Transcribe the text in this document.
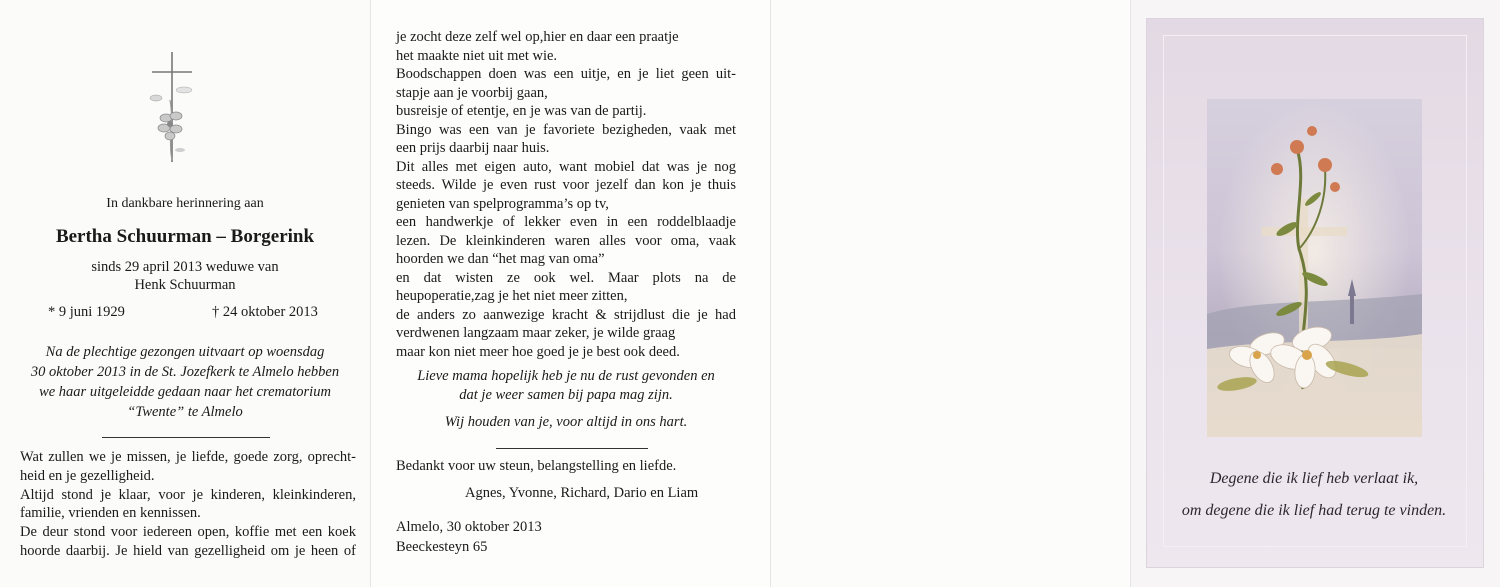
In dankbare herinnering aan
Bertha Schuurman – Borgerink
sinds 29 april 2013 weduwe van
Henk Schuurman
* 9 juni 1929	† 24 oktober 2013
Na de plechtige gezongen uitvaart op woensdag
30 oktober 2013 in de St. Jozefkerk te Almelo hebben
we haar uitgeleidde gedaan naar het crematorium
“Twente” te Almelo
Wat zullen we je missen, je liefde, goede zorg, oprecht-
heid en je gezelligheid.
Altijd stond je klaar, voor je kinderen, kleinkinderen,
familie, vrienden en kennissen.
De deur stond voor iedereen open, koffie met een koek
hoorde daarbij. Je hield van gezelligheid om je heen of
je zocht deze zelf wel op,hier en daar een praatje
het maakte niet uit met wie.
Boodschappen doen was een uitje, en je liet geen uit-
stapje aan je voorbij gaan,
busreisje of etentje, en je was van de partij.
Bingo was een van je favoriete bezigheden, vaak met
een prijs daarbij naar huis.
Dit alles met eigen auto, want mobiel dat was je nog
steeds. Wilde je even rust voor jezelf dan kon je thuis
genieten van spelprogramma’s op tv,
een handwerkje of lekker even in een roddelblaadje
lezen. De kleinkinderen waren alles voor oma, vaak
hoorden we dan “het mag van oma”
en dat wisten ze ook wel. Maar plots na de
heupoperatie,zag je het niet meer zitten,
de anders zo aanwezige kracht & strijdlust die je had
verdwenen langzaam maar zeker, je wilde graag
maar kon niet meer hoe goed je je best ook deed.
Lieve mama hopelijk heb je nu de rust gevonden en
dat je weer samen bij papa mag zijn.
Wij houden van je, voor altijd in ons hart.
Bedankt voor uw steun, belangstelling en liefde.
Agnes, Yvonne, Richard, Dario en Liam
Almelo, 30 oktober 2013
Beeckesteyn 65
Degene die ik lief heb verlaat ik,
om degene die ik lief had terug te vinden.
